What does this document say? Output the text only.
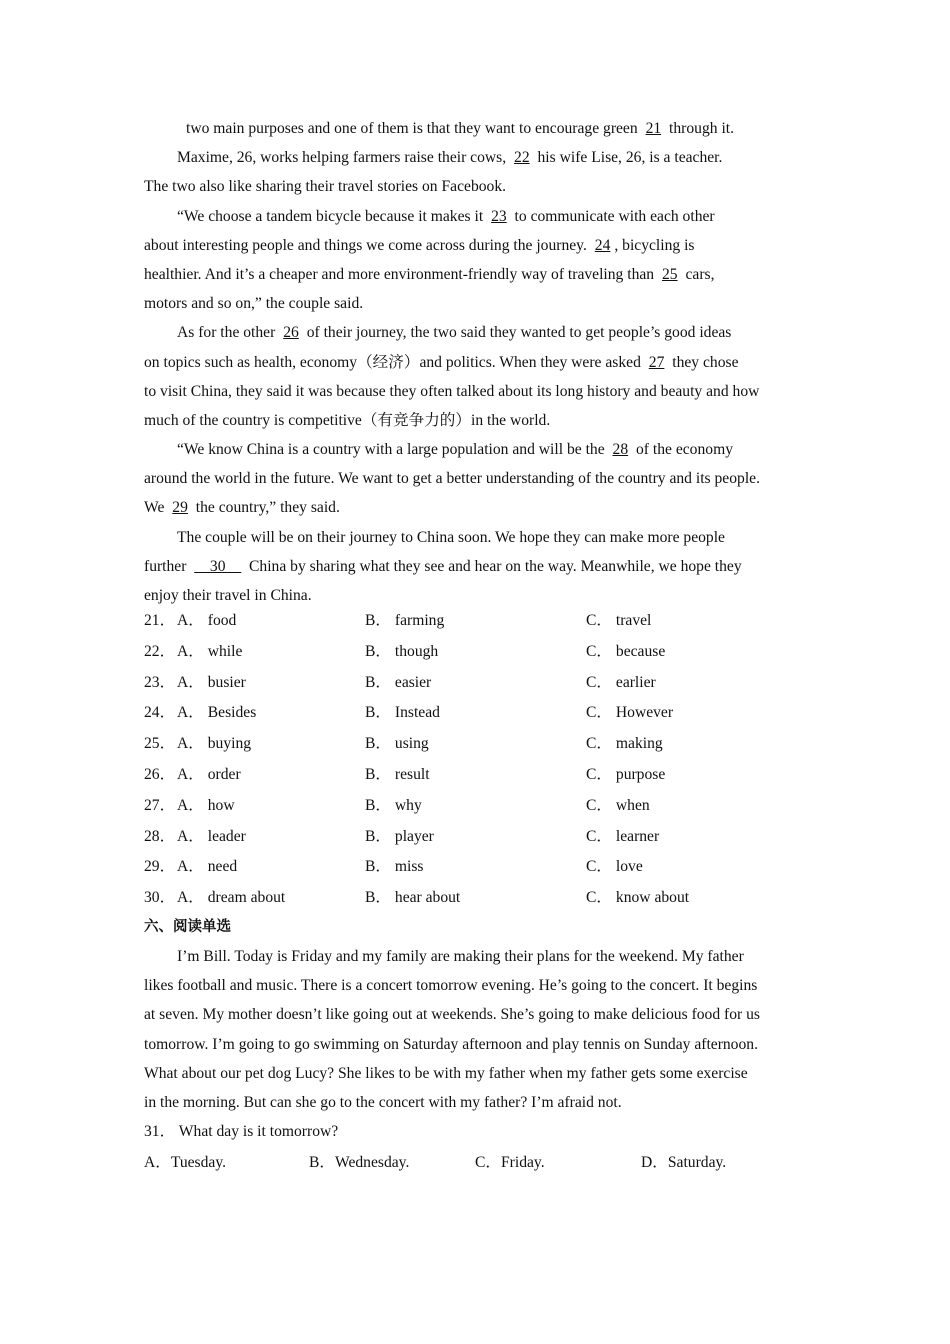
two main purposes and one of them is that they want to encourage green 21 through it.
Maxime, 26, works helping farmers raise their cows, 22 his wife Lise, 26, is a teacher.
The two also like sharing their travel stories on Facebook.
“We choose a tandem bicycle because it makes it 23 to communicate with each other
about interesting people and things we come across during the journey. 24 , bicycling is
healthier. And it’s a cheaper and more environment-friendly way of traveling than 25 cars,
motors and so on,” the couple said.
As for the other 26 of their journey, the two said they wanted to get people’s good ideas
on topics such as health, economy（经济）and politics. When they were asked 27 they chose
to visit China, they said it was because they often talked about its long history and beauty and how
much of the country is competitive（有竞争力的）in the world.
“We know China is a country with a large population and will be the 28 of the economy
around the world in the future. We want to get a better understanding of the country and its people.
We 29 the country,” they said.
The couple will be on their journey to China soon. We hope they can make more people
further __30__ China by sharing what they see and hear on the way. Meanwhile, we hope they
enjoy their travel in China.
21． A． food	B． farming	C． travel
22． A． while	B． though	C． because
23． A． busier	B． easier	C． earlier
24． A． Besides	B． Instead	C． However
25． A． buying	B． using	C． making
26． A． order	B． result	C． purpose
27． A． how	B． why	C． when
28． A． leader	B． player	C． learner
29． A． need	B． miss	C． love
30． A． dream about	B． hear about	C． know about
六、阅读单选
I’m Bill. Today is Friday and my family are making their plans for the weekend. My father
likes football and music. There is a concert tomorrow evening. He’s going to the concert. It begins
at seven. My mother doesn’t like going out at weekends. She’s going to make delicious food for us
tomorrow. I’m going to go swimming on Saturday afternoon and play tennis on Sunday afternoon.
What about our pet dog Lucy? She likes to be with my father when my father gets some exercise
in the morning. But can she go to the concert with my father? I’m afraid not.
31． What day is it tomorrow?
A．Tuesday.	B．Wednesday.	C．Friday.	D．Saturday.
